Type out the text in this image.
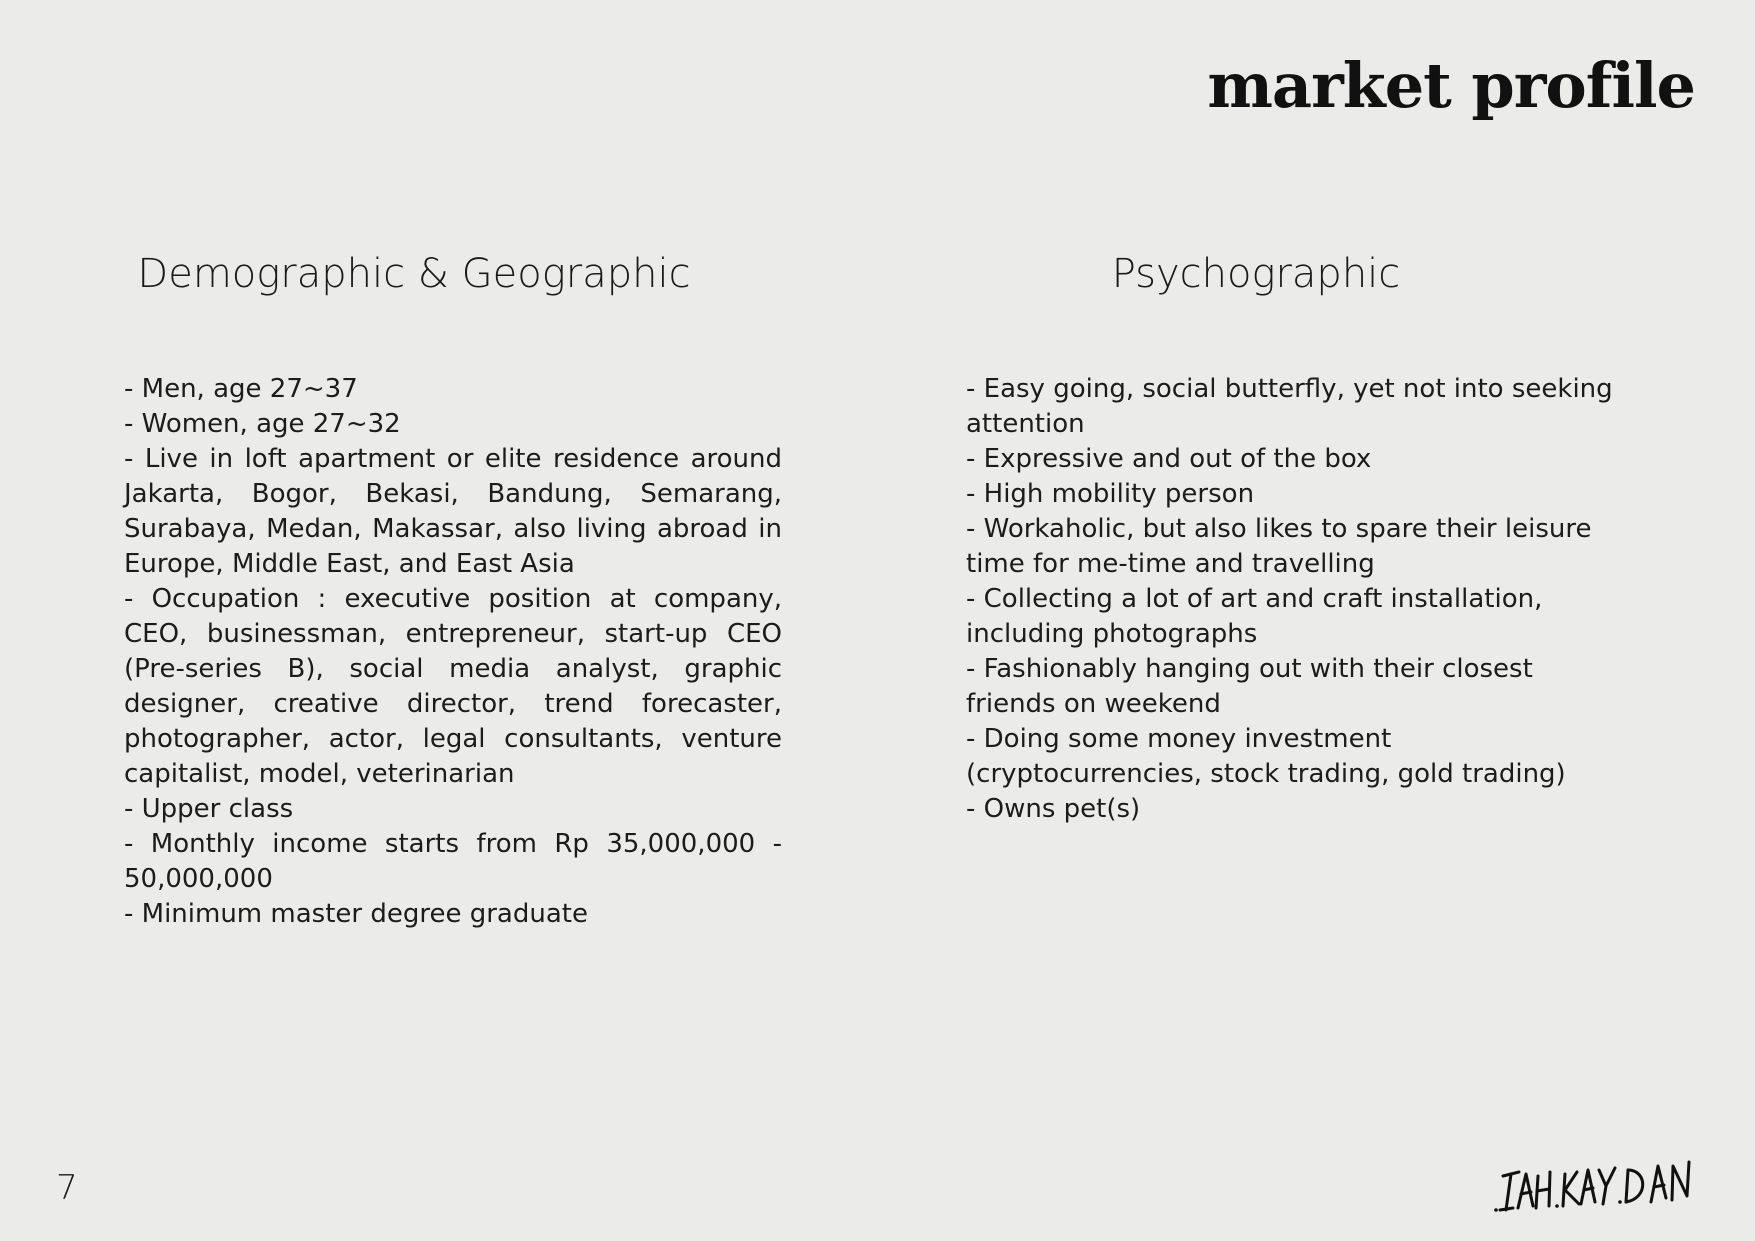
market profile
Demographic & Geographic
- Men, age 27~37
- Women, age 27~32
- Live in loft apartment or elite residence around Jakarta, Bogor, Bekasi, Bandung, Semarang, Surabaya, Medan, Makassar, also living abroad in Europe, Middle East, and East Asia
- Occupation : executive position at company, CEO, businessman, entrepreneur, start-up CEO (Pre-series B), social media analyst, graphic designer, creative director, trend forecaster, photographer, actor, legal consultants, venture capitalist, model, veterinarian
- Upper class
- Monthly income starts from Rp 35,000,000 - 50,000,000
- Minimum master degree graduate
Psychographic
- Easy going, social butterfly, yet not into seeking attention
- Expressive and out of the box
- High mobility person
- Workaholic, but also likes to spare their leisure time for me-time and travelling
- Collecting a lot of art and craft installation, including photographs
- Fashionably hanging out with their closest friends on weekend
- Doing some money investment (cryptocurrencies, stock trading, gold trading)
- Owns pet(s)
7
